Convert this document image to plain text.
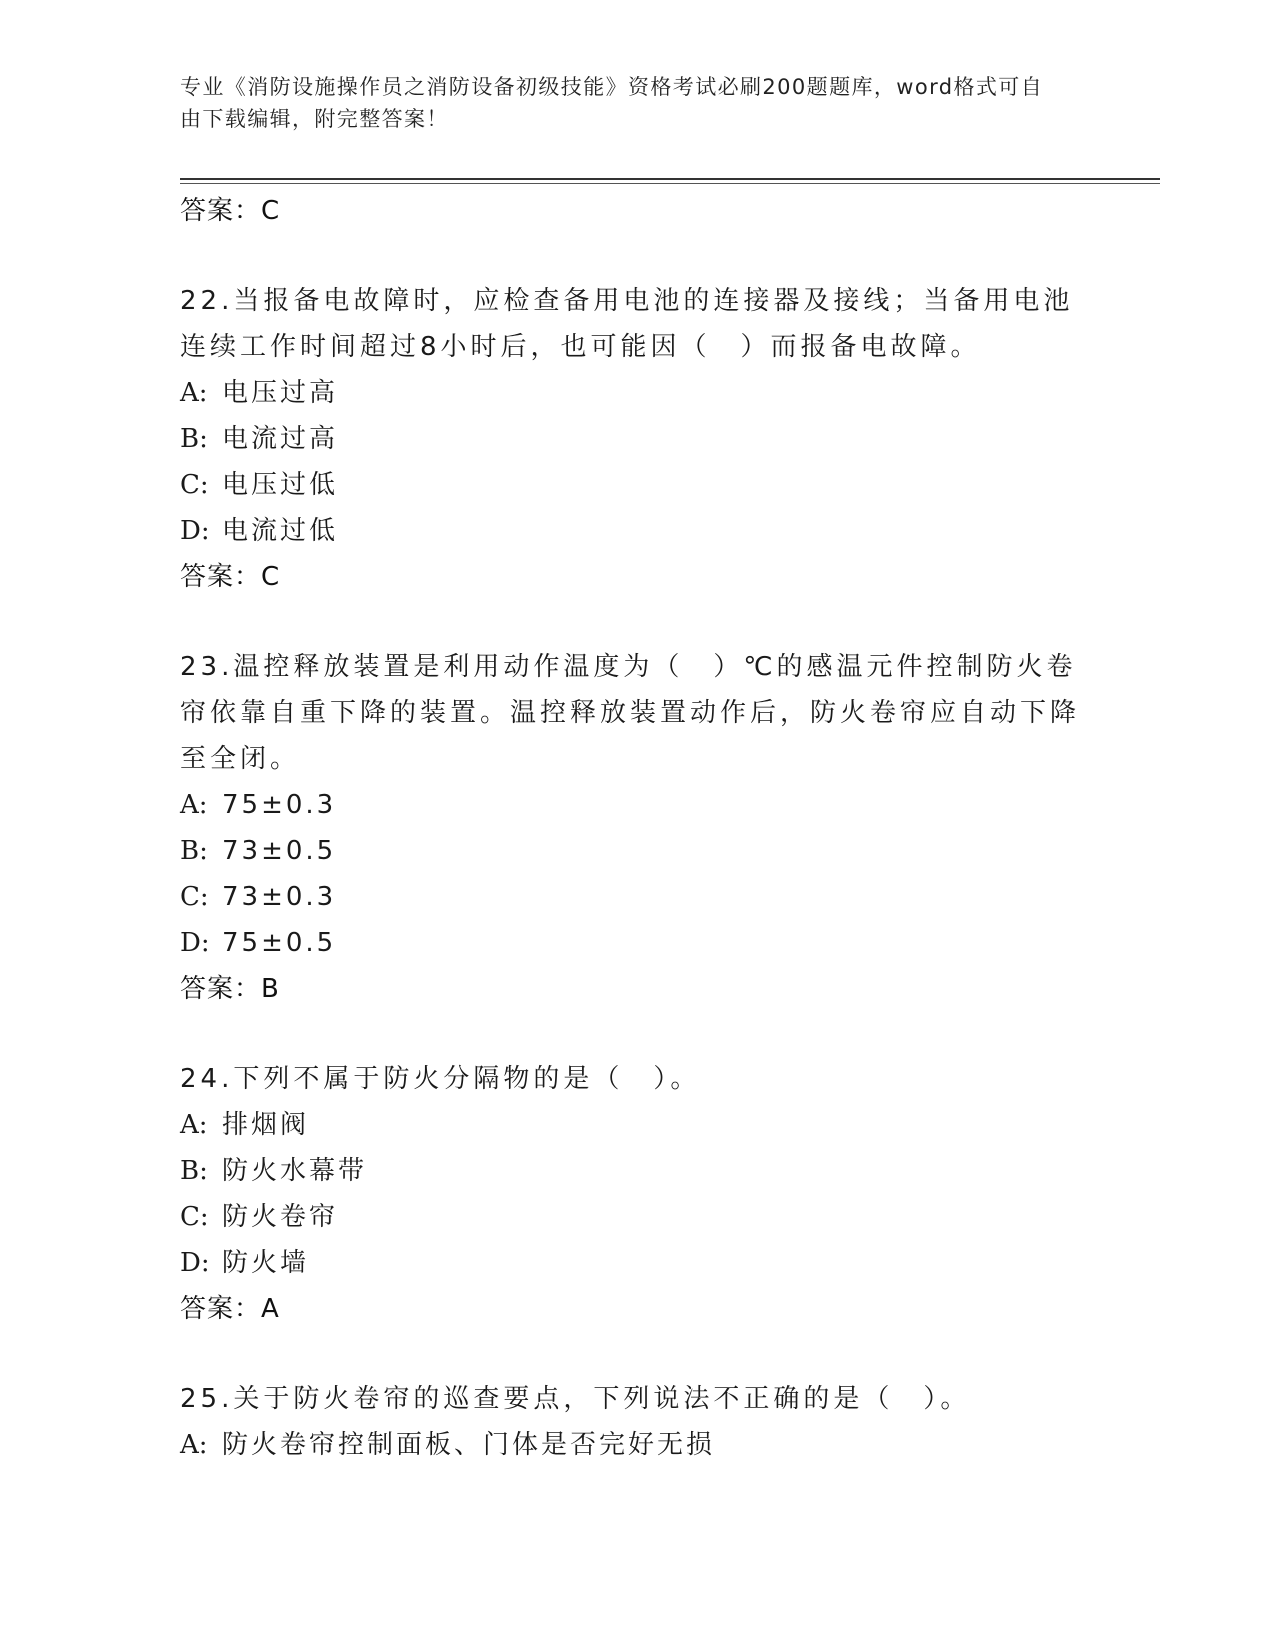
专业《消防设施操作员之消防设备初级技能》资格考试必刷200题题库，word格式可自由下载编辑，附完整答案！
答案：C
22.当报备电故障时，应检查备用电池的连接器及接线；当备用电池连续工作时间超过8小时后，也可能因（　）而报备电故障。
A: 电压过高
B: 电流过高
C: 电压过低
D: 电流过低
答案：C
23.温控释放装置是利用动作温度为（　）℃的感温元件控制防火卷帘依靠自重下降的装置。温控释放装置动作后，防火卷帘应自动下降至全闭。
A: 75±0.3
B: 73±0.5
C: 73±0.3
D: 75±0.5
答案：B
24.下列不属于防火分隔物的是（　）。
A: 排烟阀
B: 防火水幕带
C: 防火卷帘
D: 防火墙
答案：A
25.关于防火卷帘的巡查要点，下列说法不正确的是（　）。
A: 防火卷帘控制面板、门体是否完好无损
